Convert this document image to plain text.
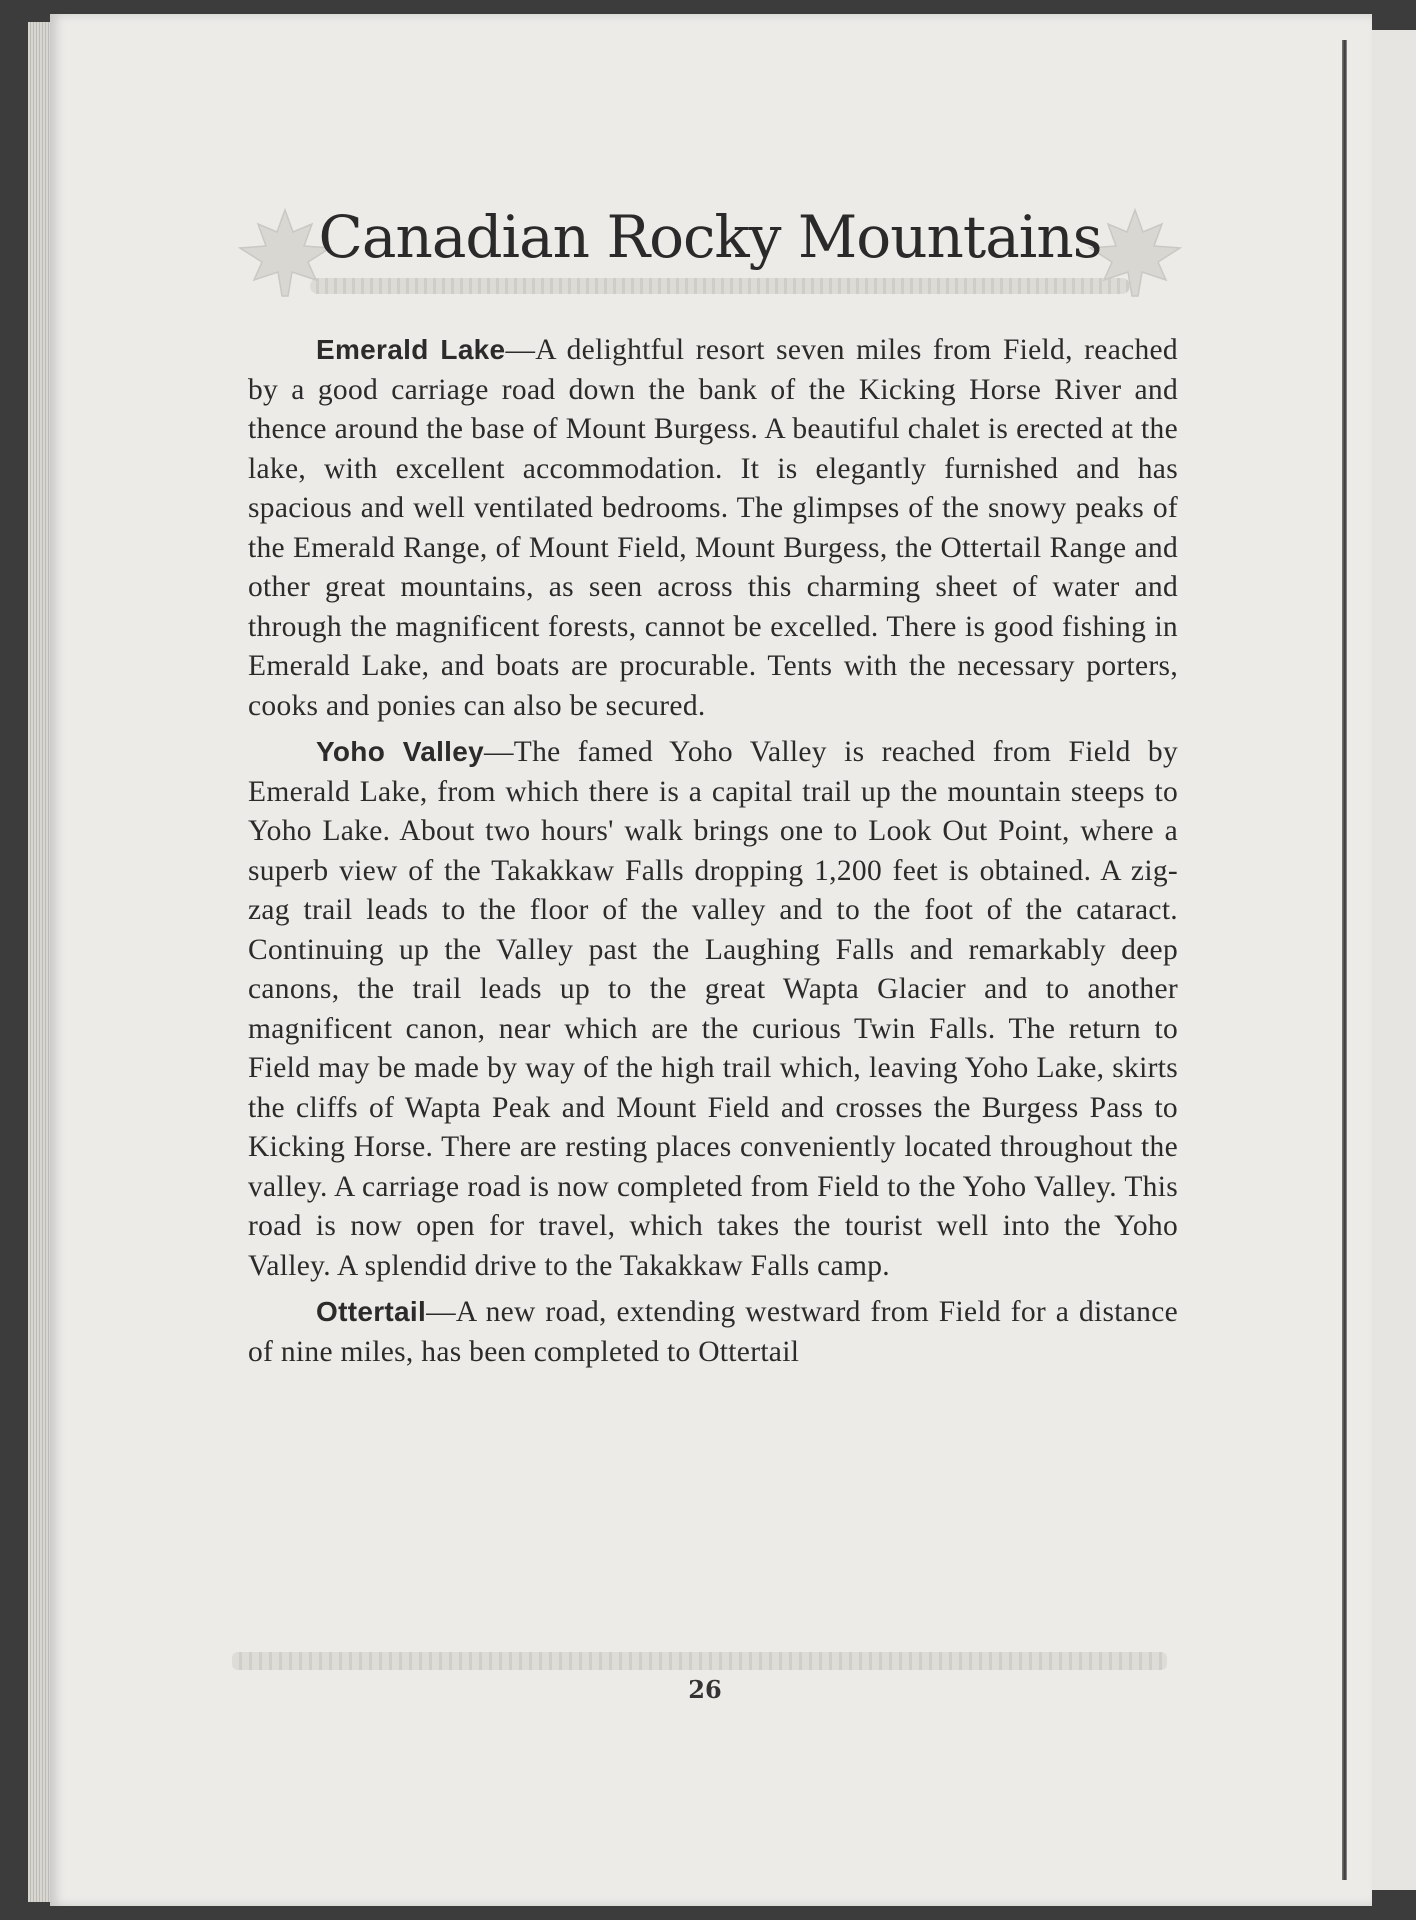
Canadian Rocky Mountains

Emerald Lake—A delightful resort seven miles from Field, reached by a good carriage road down the bank of the Kicking Horse River and thence around the base of Mount Burgess. A beautiful chalet is erected at the lake, with excellent accommodation. It is elegantly furnished and has spacious and well ventilated bedrooms. The glimpses of the snowy peaks of the Emerald Range, of Mount Field, Mount Burgess, the Ottertail Range and other great mountains, as seen across this charming sheet of water and through the magnificent forests, cannot be excelled. There is good fishing in Emerald Lake, and boats are procurable. Tents with the necessary porters, cooks and ponies can also be secured.

Yoho Valley—The famed Yoho Valley is reached from Field by Emerald Lake, from which there is a capital trail up the mountain steeps to Yoho Lake. About two hours' walk brings one to Look Out Point, where a superb view of the Takakkaw Falls dropping 1,200 feet is obtained. A zig-zag trail leads to the floor of the valley and to the foot of the cataract. Continuing up the Valley past the Laughing Falls and remarkably deep canons, the trail leads up to the great Wapta Glacier and to another magnificent canon, near which are the curious Twin Falls. The return to Field may be made by way of the high trail which, leaving Yoho Lake, skirts the cliffs of Wapta Peak and Mount Field and crosses the Burgess Pass to Kicking Horse. There are resting places conveniently located throughout the valley. A carriage road is now completed from Field to the Yoho Valley. This road is now open for travel, which takes the tourist well into the Yoho Valley. A splendid drive to the Takakkaw Falls camp.

Ottertail—A new road, extending westward from Field for a distance of nine miles, has been completed to Ottertail

26
